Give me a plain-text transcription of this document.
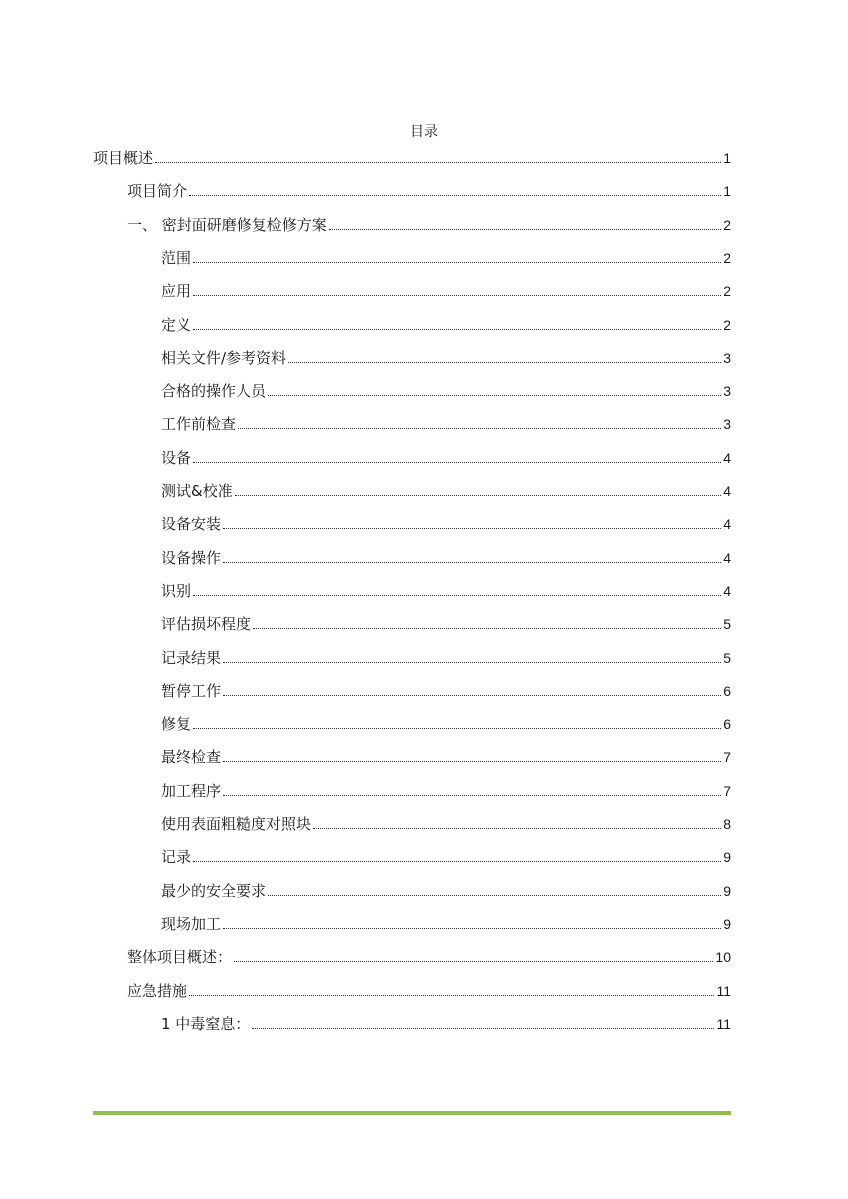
目录
项目概述	1
项目简介	1
一、 密封面研磨修复检修方案	2
范围	2
应用	2
定义	2
相关文件/参考资料	3
合格的操作人员	3
工作前检查	3
设备	4
测试&校准	4
设备安装	4
设备操作	4
识别	4
评估损坏程度	5
记录结果	5
暂停工作	6
修复	6
最终检查	7
加工程序	7
使用表面粗糙度对照块	8
记录	9
最少的安全要求	9
现场加工	9
整体项目概述：	10
应急措施	11
1 中毒窒息：	11
